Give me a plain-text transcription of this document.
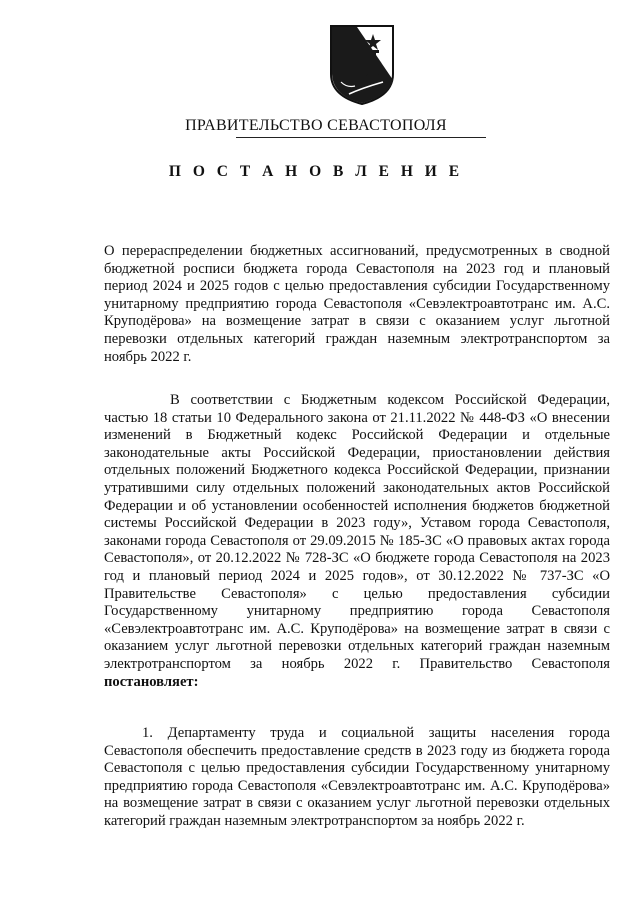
ПРАВИТЕЛЬСТВО СЕВАСТОПОЛЯ
П О С Т А Н О В Л Е Н И Е

О перераспределении бюджетных ассигнований, предусмотренных в сводной бюджетной росписи бюджета города Севастополя на 2023 год и плановый период 2024 и 2025 годов с целью предоставления субсидии Государственному унитарному предприятию города Севастополя «Севэлектроавтотранс им. А.С. Круподёрова» на возмещение затрат в связи с оказанием услуг льготной перевозки отдельных категорий граждан наземным электротранспортом за ноябрь 2022 г.

В соответствии с Бюджетным кодексом Российской Федерации, частью 18 статьи 10 Федерального закона от 21.11.2022 № 448-ФЗ «О внесении изменений в Бюджетный кодекс Российской Федерации и отдельные законодательные акты Российской Федерации, приостановлении действия отдельных положений Бюджетного кодекса Российской Федерации, признании утратившими силу отдельных положений законодательных актов Российской Федерации и об установлении особенностей исполнения бюджетов бюджетной системы Российской Федерации в 2023 году», Уставом города Севастополя, законами города Севастополя от 29.09.2015 № 185-ЗС «О правовых актах города Севастополя», от 20.12.2022 № 728-ЗС «О бюджете города Севастополя на 2023 год и плановый период 2024 и 2025 годов», от 30.12.2022 № 737-ЗС «О Правительстве Севастополя» с целью предоставления субсидии Государственному унитарному предприятию города Севастополя «Севэлектроавтотранс им. А.С. Круподёрова» на возмещение затрат в связи с оказанием услуг льготной перевозки отдельных категорий граждан наземным электротранспортом за ноябрь 2022 г. Правительство Севастополя постановляет:

1. Департаменту труда и социальной защиты населения города Севастополя обеспечить предоставление средств в 2023 году из бюджета города Севастополя с целью предоставления субсидии Государственному унитарному предприятию города Севастополя «Севэлектроавтотранс им. А.С. Круподёрова» на возмещение затрат в связи с оказанием услуг льготной перевозки отдельных категорий граждан наземным электротранспортом за ноябрь 2022 г.
